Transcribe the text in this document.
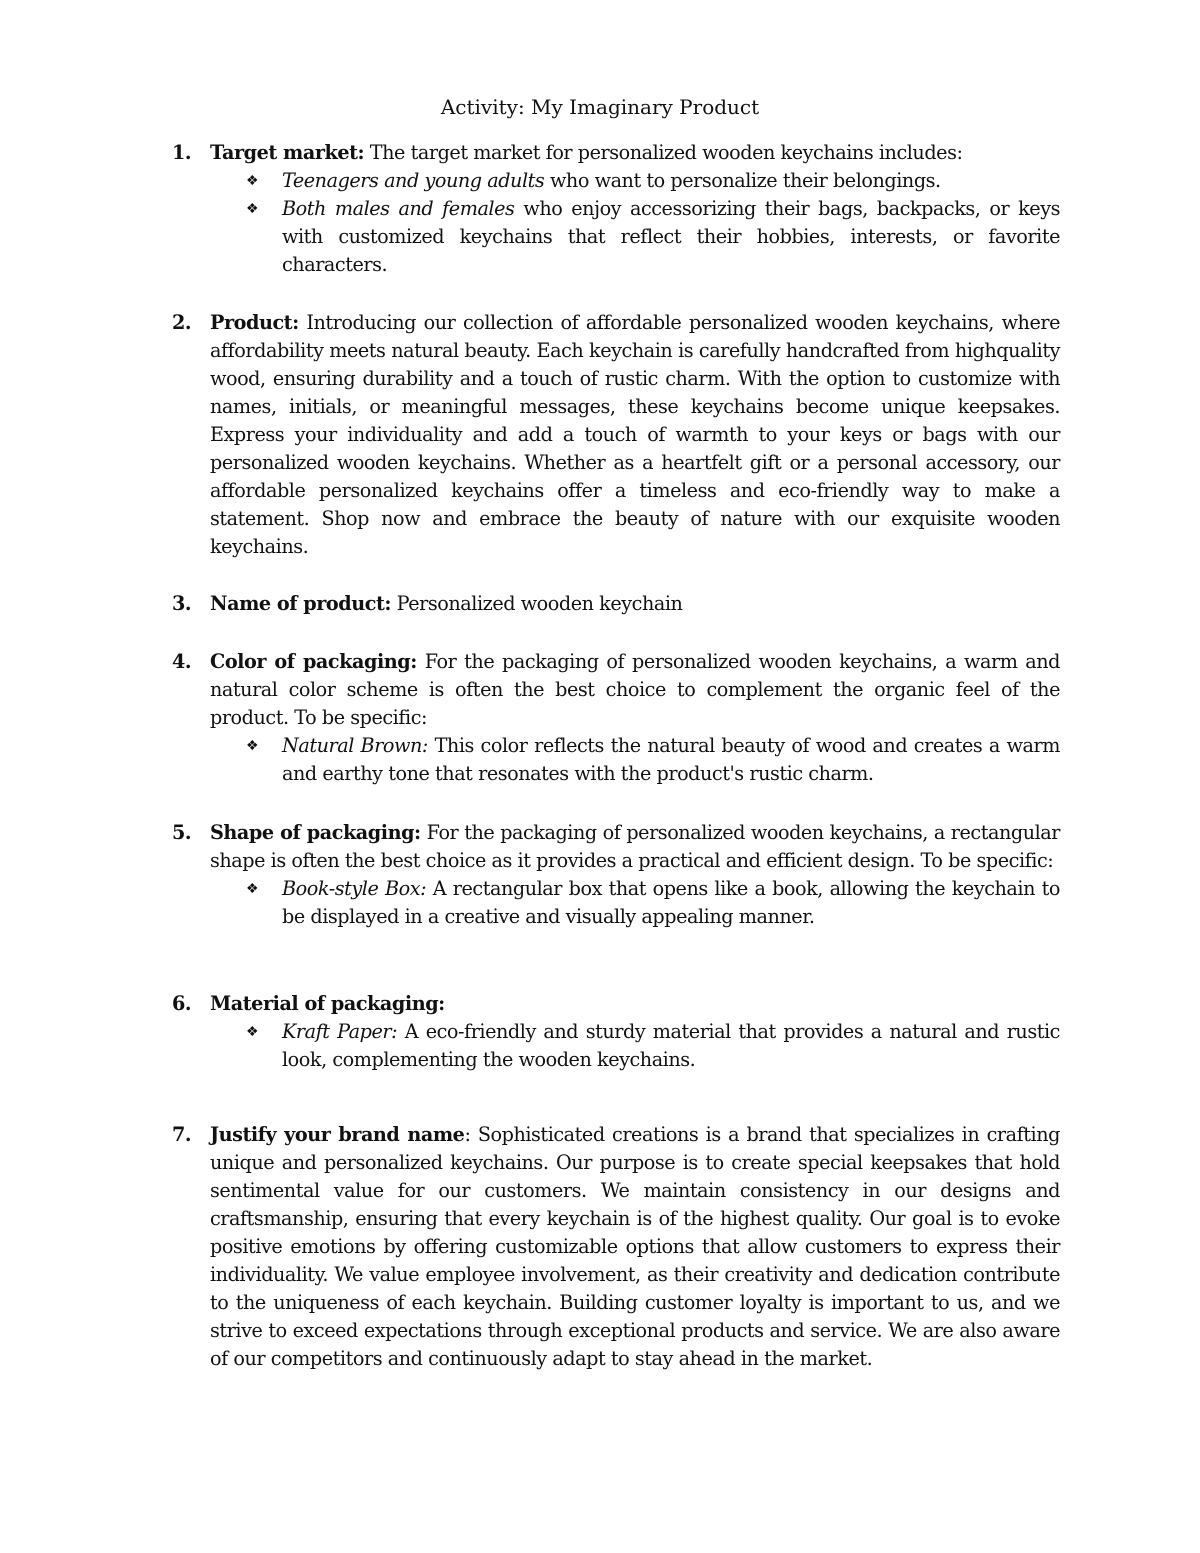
Activity: My Imaginary Product
1. Target market: The target market for personalized wooden keychains includes:
❖ Teenagers and young adults who want to personalize their belongings.
❖ Both males and females who enjoy accessorizing their bags, backpacks, or keys with customized keychains that reflect their hobbies, interests, or favorite characters.
2. Product: Introducing our collection of affordable personalized wooden keychains, where affordability meets natural beauty. Each keychain is carefully handcrafted from highquality wood, ensuring durability and a touch of rustic charm. With the option to customize with names, initials, or meaningful messages, these keychains become unique keepsakes. Express your individuality and add a touch of warmth to your keys or bags with our personalized wooden keychains. Whether as a heartfelt gift or a personal accessory, our affordable personalized keychains offer a timeless and eco-friendly way to make a statement. Shop now and embrace the beauty of nature with our exquisite wooden keychains.
3. Name of product: Personalized wooden keychain
4. Color of packaging: For the packaging of personalized wooden keychains, a warm and natural color scheme is often the best choice to complement the organic feel of the product. To be specific:
❖ Natural Brown: This color reflects the natural beauty of wood and creates a warm and earthy tone that resonates with the product's rustic charm.
5. Shape of packaging: For the packaging of personalized wooden keychains, a rectangular shape is often the best choice as it provides a practical and efficient design. To be specific:
❖ Book-style Box: A rectangular box that opens like a book, allowing the keychain to be displayed in a creative and visually appealing manner.
6. Material of packaging:
❖ Kraft Paper: A eco-friendly and sturdy material that provides a natural and rustic look, complementing the wooden keychains.
7. Justify your brand name: Sophisticated creations is a brand that specializes in crafting unique and personalized keychains. Our purpose is to create special keepsakes that hold sentimental value for our customers. We maintain consistency in our designs and craftsmanship, ensuring that every keychain is of the highest quality. Our goal is to evoke positive emotions by offering customizable options that allow customers to express their individuality. We value employee involvement, as their creativity and dedication contribute to the uniqueness of each keychain. Building customer loyalty is important to us, and we strive to exceed expectations through exceptional products and service. We are also aware of our competitors and continuously adapt to stay ahead in the market.
